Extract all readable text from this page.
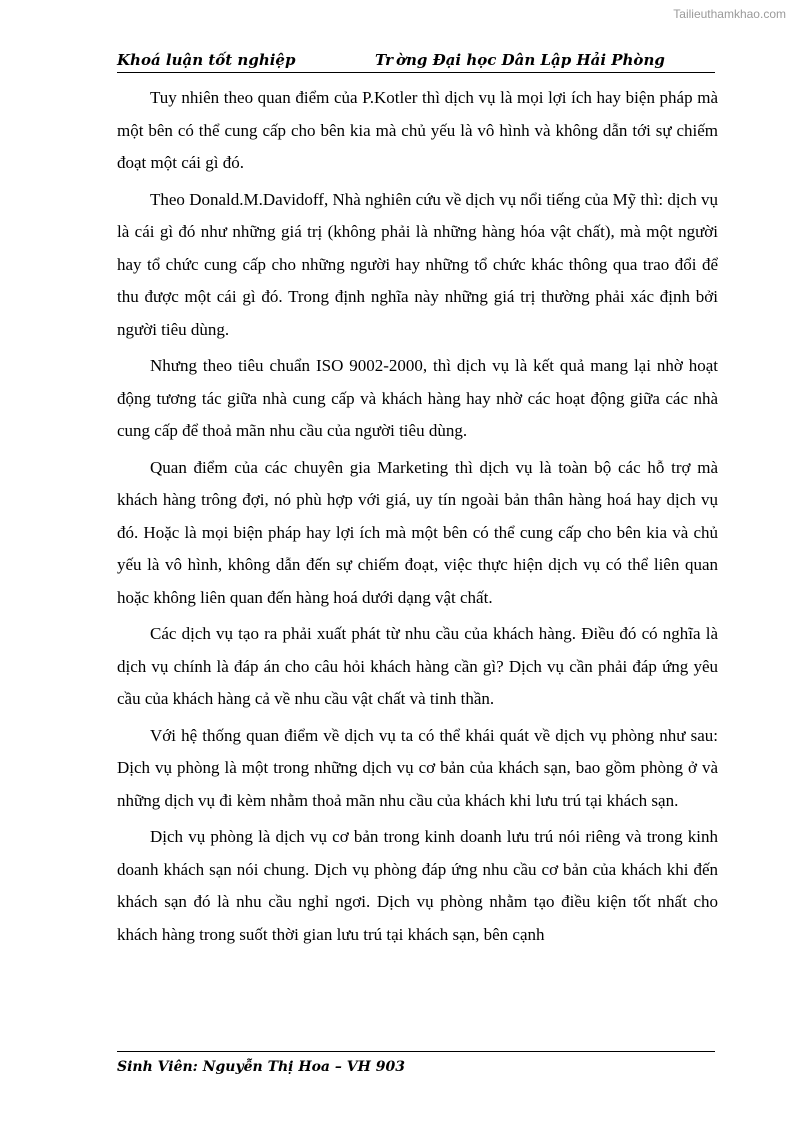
Tailieuthamkhao.com
Khoá luận tốt nghiệp	Tr ờng Đại học Dân Lập Hải Phòng

Tuy nhiên theo quan điểm của P.Kotler thì dịch vụ là mọi lợi ích hay biện pháp mà một bên có thể cung cấp cho bên kia mà chủ yếu là vô hình và không dẫn tới sự chiếm đoạt một cái gì đó.

Theo Donald.M.Davidoff, Nhà nghiên cứu về dịch vụ nổi tiếng của Mỹ thì: dịch vụ là cái gì đó như những giá trị (không phải là những hàng hóa vật chất), mà một người hay tổ chức cung cấp cho những người hay những tổ chức khác thông qua trao đổi để thu được một cái gì đó. Trong định nghĩa này những giá trị thường phải xác định bởi người tiêu dùng.

Nhưng theo tiêu chuẩn ISO 9002-2000, thì dịch vụ là kết quả mang lại nhờ hoạt động tương tác giữa nhà cung cấp và khách hàng hay nhờ các hoạt động giữa các nhà cung cấp để thoả mãn nhu cầu của người tiêu dùng.

Quan điểm của các chuyên gia Marketing thì dịch vụ là toàn bộ các hỗ trợ mà khách hàng trông đợi, nó phù hợp với giá, uy tín ngoài bản thân hàng hoá hay dịch vụ đó. Hoặc là mọi biện pháp hay lợi ích mà một bên có thể cung cấp cho bên kia và chủ yếu là vô hình, không dẫn đến sự chiếm đoạt, việc thực hiện dịch vụ có thể liên quan hoặc không liên quan đến hàng hoá dưới dạng vật chất.

Các dịch vụ tạo ra phải xuất phát từ nhu cầu của khách hàng. Điều đó có nghĩa là dịch vụ chính là đáp án cho câu hỏi khách hàng cần gì? Dịch vụ cần phải đáp ứng yêu cầu của khách hàng cả về nhu cầu vật chất và tinh thần.

Với hệ thống quan điểm về dịch vụ ta có thể khái quát về dịch vụ phòng như sau: Dịch vụ phòng là một trong những dịch vụ cơ bản của khách sạn, bao gồm phòng ở và những dịch vụ đi kèm nhằm thoả mãn nhu cầu của khách khi lưu trú tại khách sạn.

Dịch vụ phòng là dịch vụ cơ bản trong kinh doanh lưu trú nói riêng và trong kinh doanh khách sạn nói chung. Dịch vụ phòng đáp ứng nhu cầu cơ bản của khách khi đến khách sạn đó là nhu cầu nghỉ ngơi. Dịch vụ phòng nhằm tạo điều kiện tốt nhất cho khách hàng trong suốt thời gian lưu trú tại khách sạn, bên cạnh

Sinh Viên: Nguyễn Thị Hoa – VH 903
